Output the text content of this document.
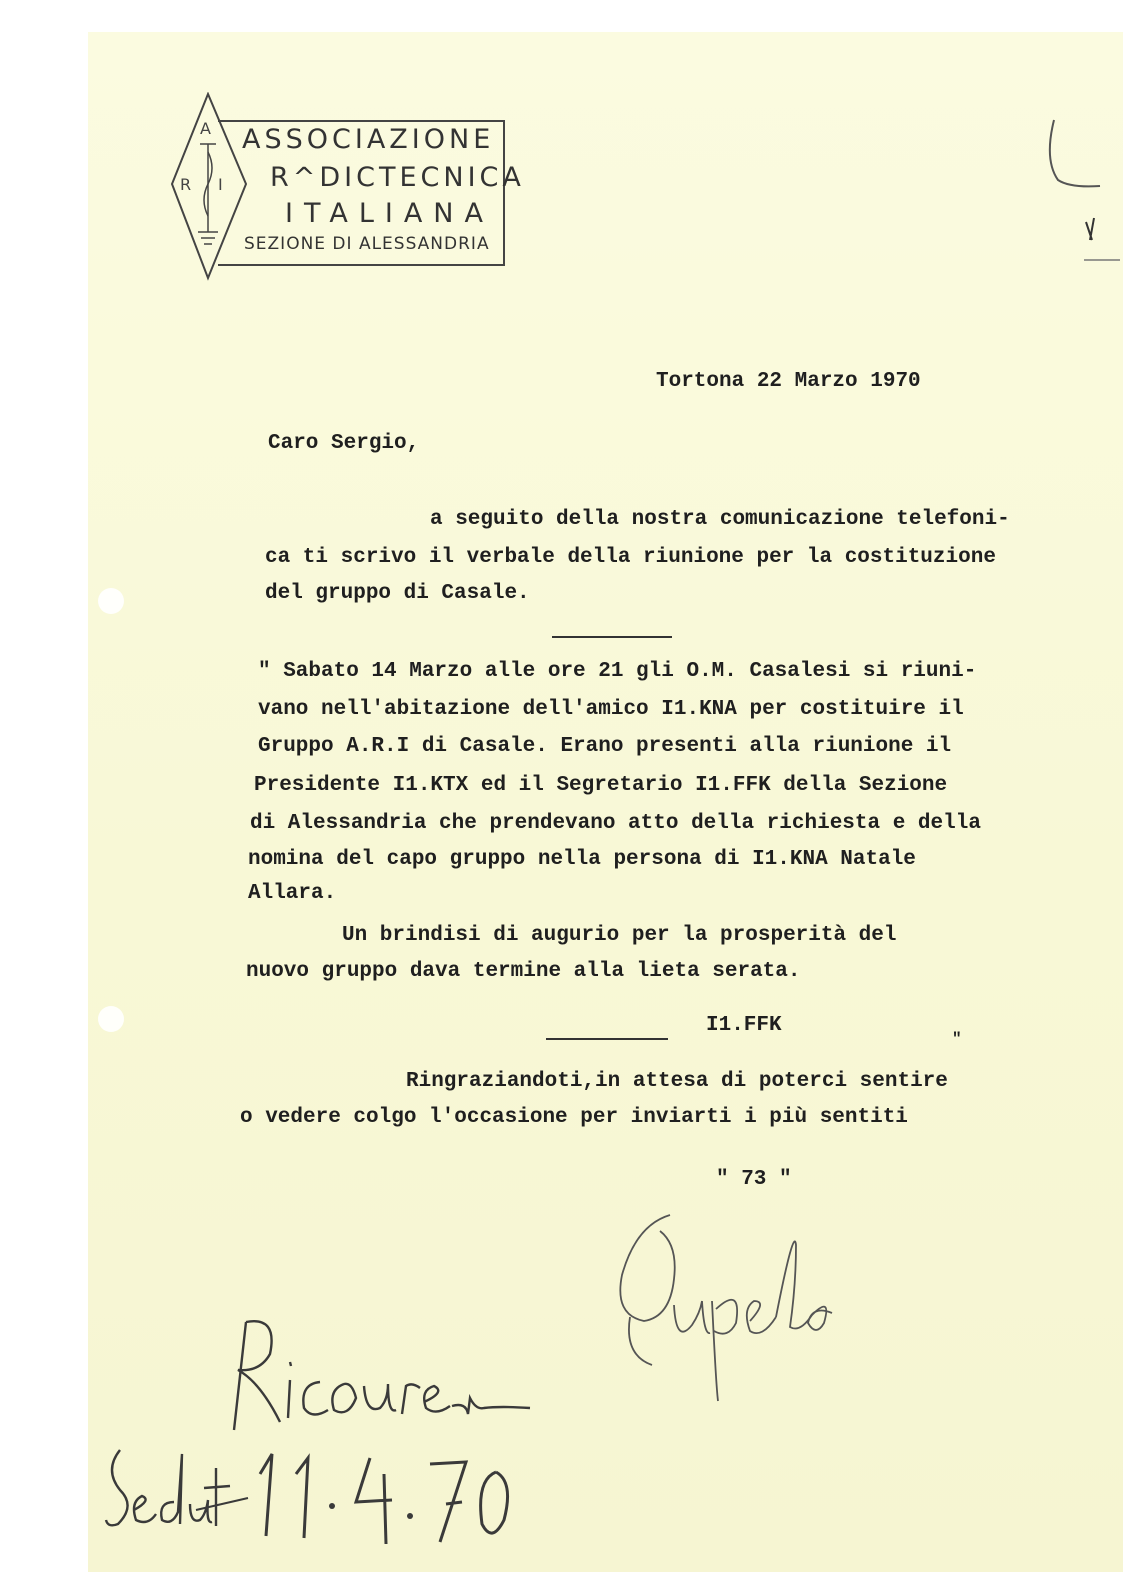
A
R I
ASSOCIAZIONE
R^DICTECNICA
ITALIANA
SEZIONE DI ALESSANDRIA
Tortona 22 Marzo 1970
Caro Sergio,
a seguito della nostra comunicazione telefoni-
ca ti scrivo il verbale della riunione per la costituzione
del gruppo di Casale.
" Sabato 14 Marzo alle ore 21 gli O.M. Casalesi si riuni-
vano nell'abitazione dell'amico I1.KNA per costituire il
Gruppo A.R.I di Casale. Erano presenti alla riunione il
Presidente I1.KTX ed il Segretario I1.FFK della Sezione
di Alessandria che prendevano atto della richiesta e della
nomina del capo gruppo nella persona di I1.KNA Natale
Allara.
Un brindisi di augurio per la prosperità del
nuovo gruppo dava termine alla lieta serata.
I1.FFK
"
Ringraziandoti,in attesa di poterci sentire
o vedere colgo l'occasione per inviarti i più sentiti
" 73 "
